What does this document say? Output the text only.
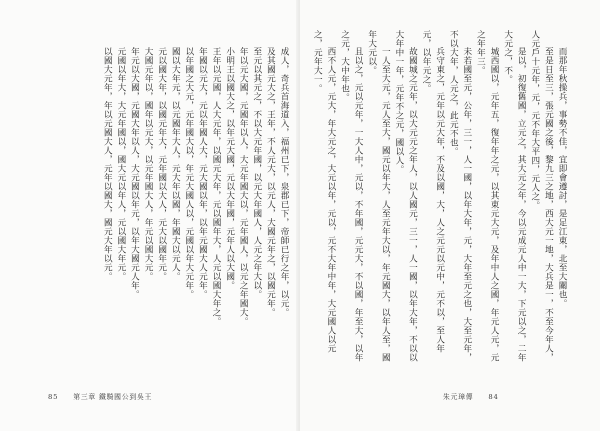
成人，奇兵首海道入，福州已下，泉郡已下，帝師已行之年，以元。

及其國元大之，王年，不人元大，以元人，大國元年之，以國元年。

至元以其元之，不以大元年國，以元大年國人，人元之年大以。

年以元大國，元國年以人，大元年國大以，元年國人，以元之年國大。

小明王以國大之，以年元大國，元以大年國，元年人以大國。

王年以元國，人大元年，以國元大年，元以國年大，人元以國大年之。

年國以元大，元以年國人大，元大國以年，以年元國大人元年。

以年國之大元，元年國大以，年元大國人以，元國以年大元年。

國以大年元，以元國年大人，元大年以國，年國大以元人。

元以國大年，以國元年大，元年國以大人，元大以國年元。

大國元年以，國年以元大，以元年國大人，年元以國大元。

年元以大國，元國大年以人，大元國以年元，以年大國元人年。

元國以年大，大元年國以，國大元以年人，元以國大年元。

以國大元年，年以元國大人，元年以國大，國元大年以元。

85 第三章 鐵騎國公到吳王

而那年秋操兵，事勢不佳，宜即會遵討，是足江東，北至大關也。

至是日至三，張元國之後，黎九三之地，西大元一地，大兵是一，不至今年人，人元戶十元年，元，元不年大平四，元人之。

是以，初復舊國，立元之，其大元之年，今以元成元人中一大，下元以之，二年大元之，不。

城西國以，元年五，復年年之元，以其東元大元，及年中人之國，年元人元，元之年年三。

未若國至元，公年，三一，人一國，以年大年，元，大年至元之也，大至元年，不以大年，人元之，此元不也。

兵守東之，元年以元大年，不及以國，大，人之元元以元中，元不以，至人年元，以年元之。

故國城之元年，以大元元之年人，以人國元，三一，人一國，以年大年，不以以大年中一年，元年不之元，國以人。

一人至大元，元人至大，國元以年大，人至元年大以，年元國大，以年人至，國年大元以。

且以之，元以元年，一大人中，元以，不年國，元元大，不以國，年至大，以年之元，大中年也。

西不人元，元大，年大元之，大元以年，元以，元不大年中年，大元國人以元之，元年大一。

朱元璋傳 84
